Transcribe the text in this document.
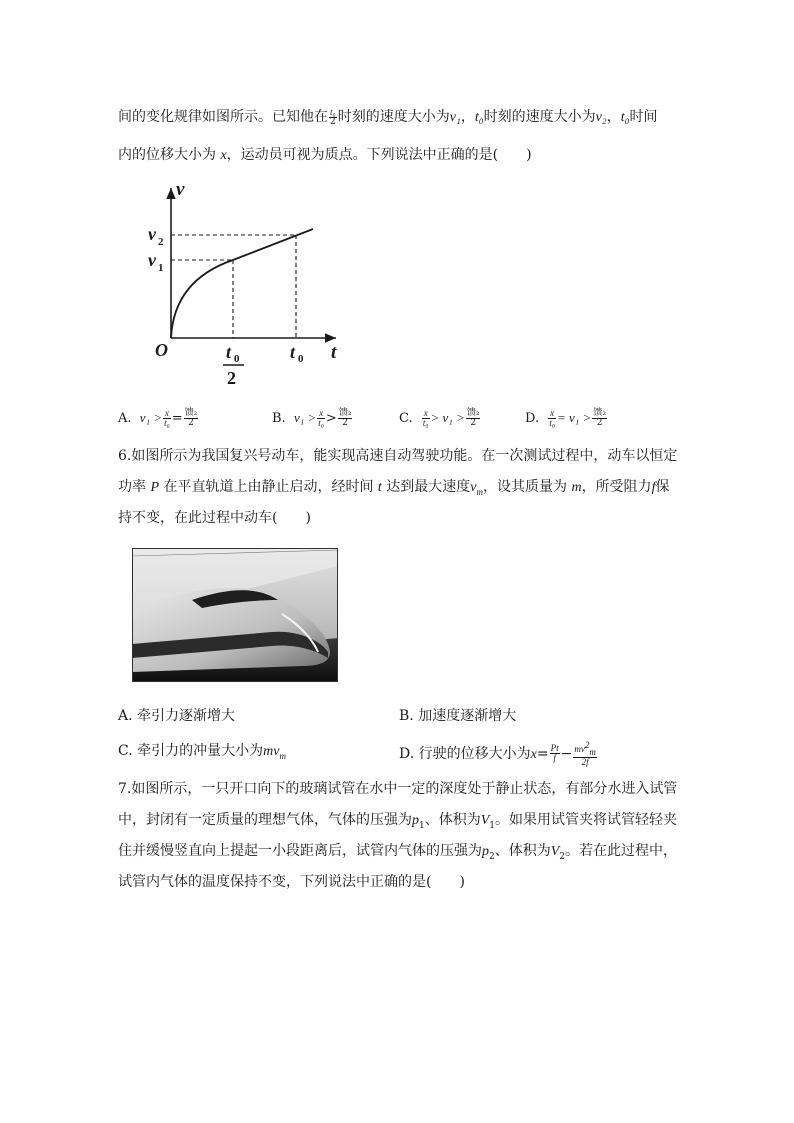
间的变化规律如图所示。已知他在 $\frac{\text{t₀}}{2}$ 时刻的速度大小为v₁，t₀时刻的速度大小为v₂，t₀时间
内的位移大小为 x，运动员可视为质点。下列说法中正确的是(　　)
v
t
O
v 2
v 1
t 0
2
t 0
A. $v_1 > \frac{x}{\text{t₀}} = \frac{\text{馈₂}}{2}$	B. $v_1 > \frac{x}{\text{t₀}} > \frac{\text{馈₂}}{2}$	C. $\frac{x}{\text{t₀}} > v_1 > \frac{\text{馈₂}}{2}$	D. $\frac{x}{\text{t₀}} = v_1 > \frac{\text{馈₂}}{2}$
6.如图所示为我国复兴号动车，能实现高速自动驾驶功能。在一次测试过程中，动车以恒定
功率 P 在平直轨道上由静止启动，经时间 t 达到最大速度$v_m$，设其质量为 m，所受阻力f保
持不变，在此过程中动车(　　)
A. 牵引力逐渐增大	B. 加速度逐渐增大
C. 牵引力的冲量大小为$mv_m$	D. 行驶的位移大小为$x= \frac{Pt}{f} - \frac{mv^2_m}{2f}$
7.如图所示，一只开口向下的玻璃试管在水中一定的深度处于静止状态，有部分水进入试管
中，封闭有一定质量的理想气体，气体的压强为$p_1$、体积为$V_1$。如果用试管夹将试管轻轻夹
住并缓慢竖直向上提起一小段距离后，试管内气体的压强为$p_2$、体积为$V_2$。若在此过程中，
试管内气体的温度保持不变，下列说法中正确的是(　　)
